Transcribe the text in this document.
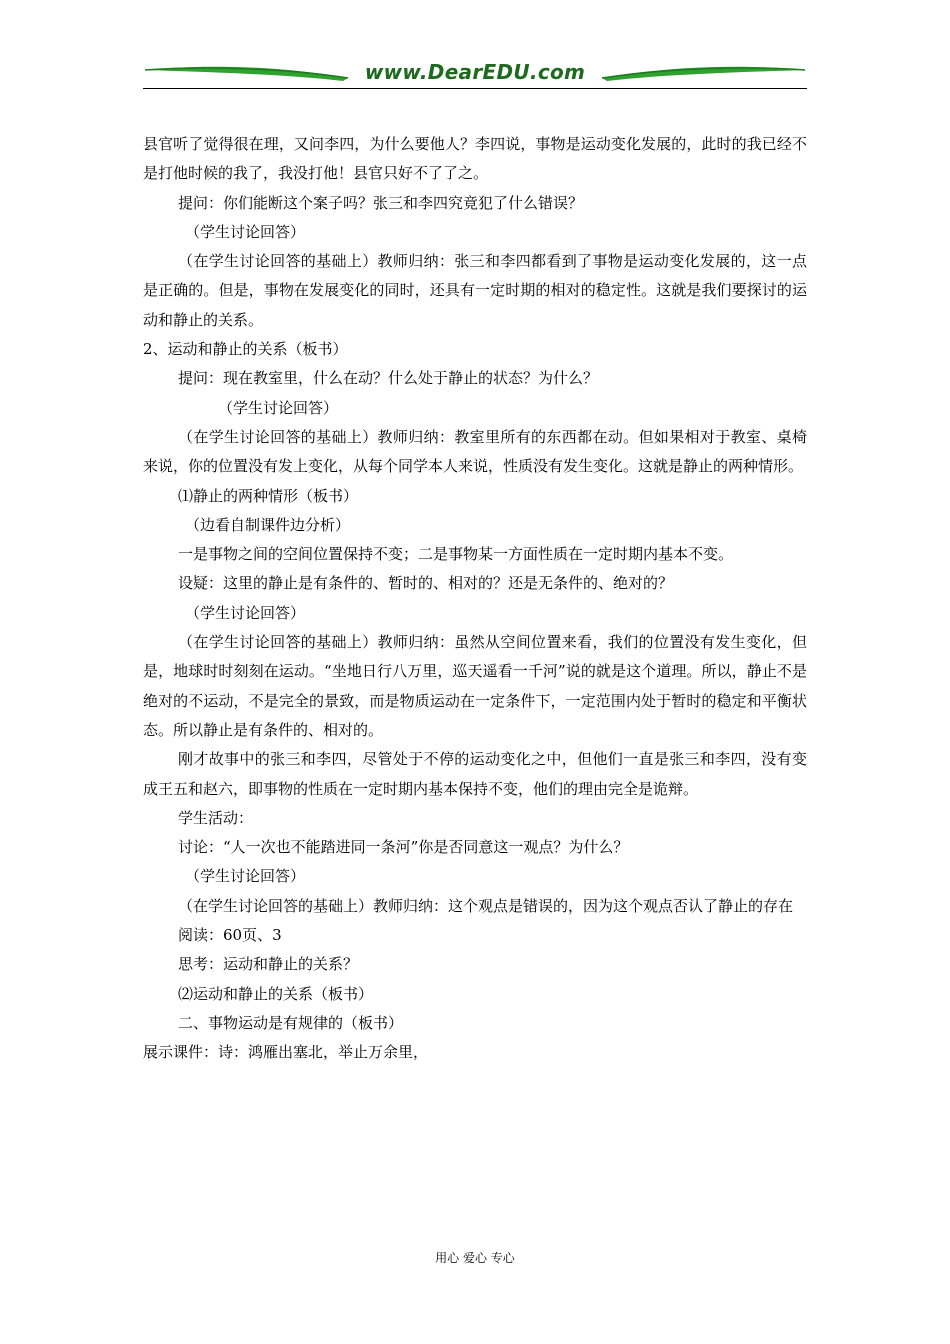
www.DearEDU.com

县官听了觉得很在理，又问李四，为什么要他人？李四说，事物是运动变化发展的，此时的我已经不是打他时候的我了，我没打他！县官只好不了了之。

提问：你们能断这个案子吗？张三和李四究竟犯了什么错误？

（学生讨论回答）

（在学生讨论回答的基础上）教师归纳：张三和李四都看到了事物是运动变化发展的，这一点是正确的。但是，事物在发展变化的同时，还具有一定时期的相对的稳定性。这就是我们要探讨的运动和静止的关系。

2、运动和静止的关系（板书）

提问：现在教室里，什么在动？什么处于静止的状态？为什么？

（学生讨论回答）

（在学生讨论回答的基础上）教师归纳：教室里所有的东西都在动。但如果相对于教室、桌椅来说，你的位置没有发上变化，从每个同学本人来说，性质没有发生变化。这就是静止的两种情形。

⑴静止的两种情形（板书）

（边看自制课件边分析）

一是事物之间的空间位置保持不变；二是事物某一方面性质在一定时期内基本不变。

设疑：这里的静止是有条件的、暂时的、相对的？还是无条件的、绝对的？

（学生讨论回答）

（在学生讨论回答的基础上）教师归纳：虽然从空间位置来看，我们的位置没有发生变化，但是，地球时时刻刻在运动。“坐地日行八万里，巡天遥看一千河”说的就是这个道理。所以，静止不是绝对的不运动，不是完全的景致，而是物质运动在一定条件下，一定范围内处于暂时的稳定和平衡状态。所以静止是有条件的、相对的。

刚才故事中的张三和李四，尽管处于不停的运动变化之中，但他们一直是张三和李四，没有变成王五和赵六，即事物的性质在一定时期内基本保持不变，他们的理由完全是诡辩。

学生活动：

讨论：“人一次也不能踏进同一条河”你是否同意这一观点？为什么？

（学生讨论回答）

（在学生讨论回答的基础上）教师归纳：这个观点是错误的，因为这个观点否认了静止的存在

阅读：60页、3

思考：运动和静止的关系？

⑵运动和静止的关系（板书）

二、事物运动是有规律的（板书）

展示课件：诗：鸿雁出塞北，举止万余里，

用心 爱心 专心
